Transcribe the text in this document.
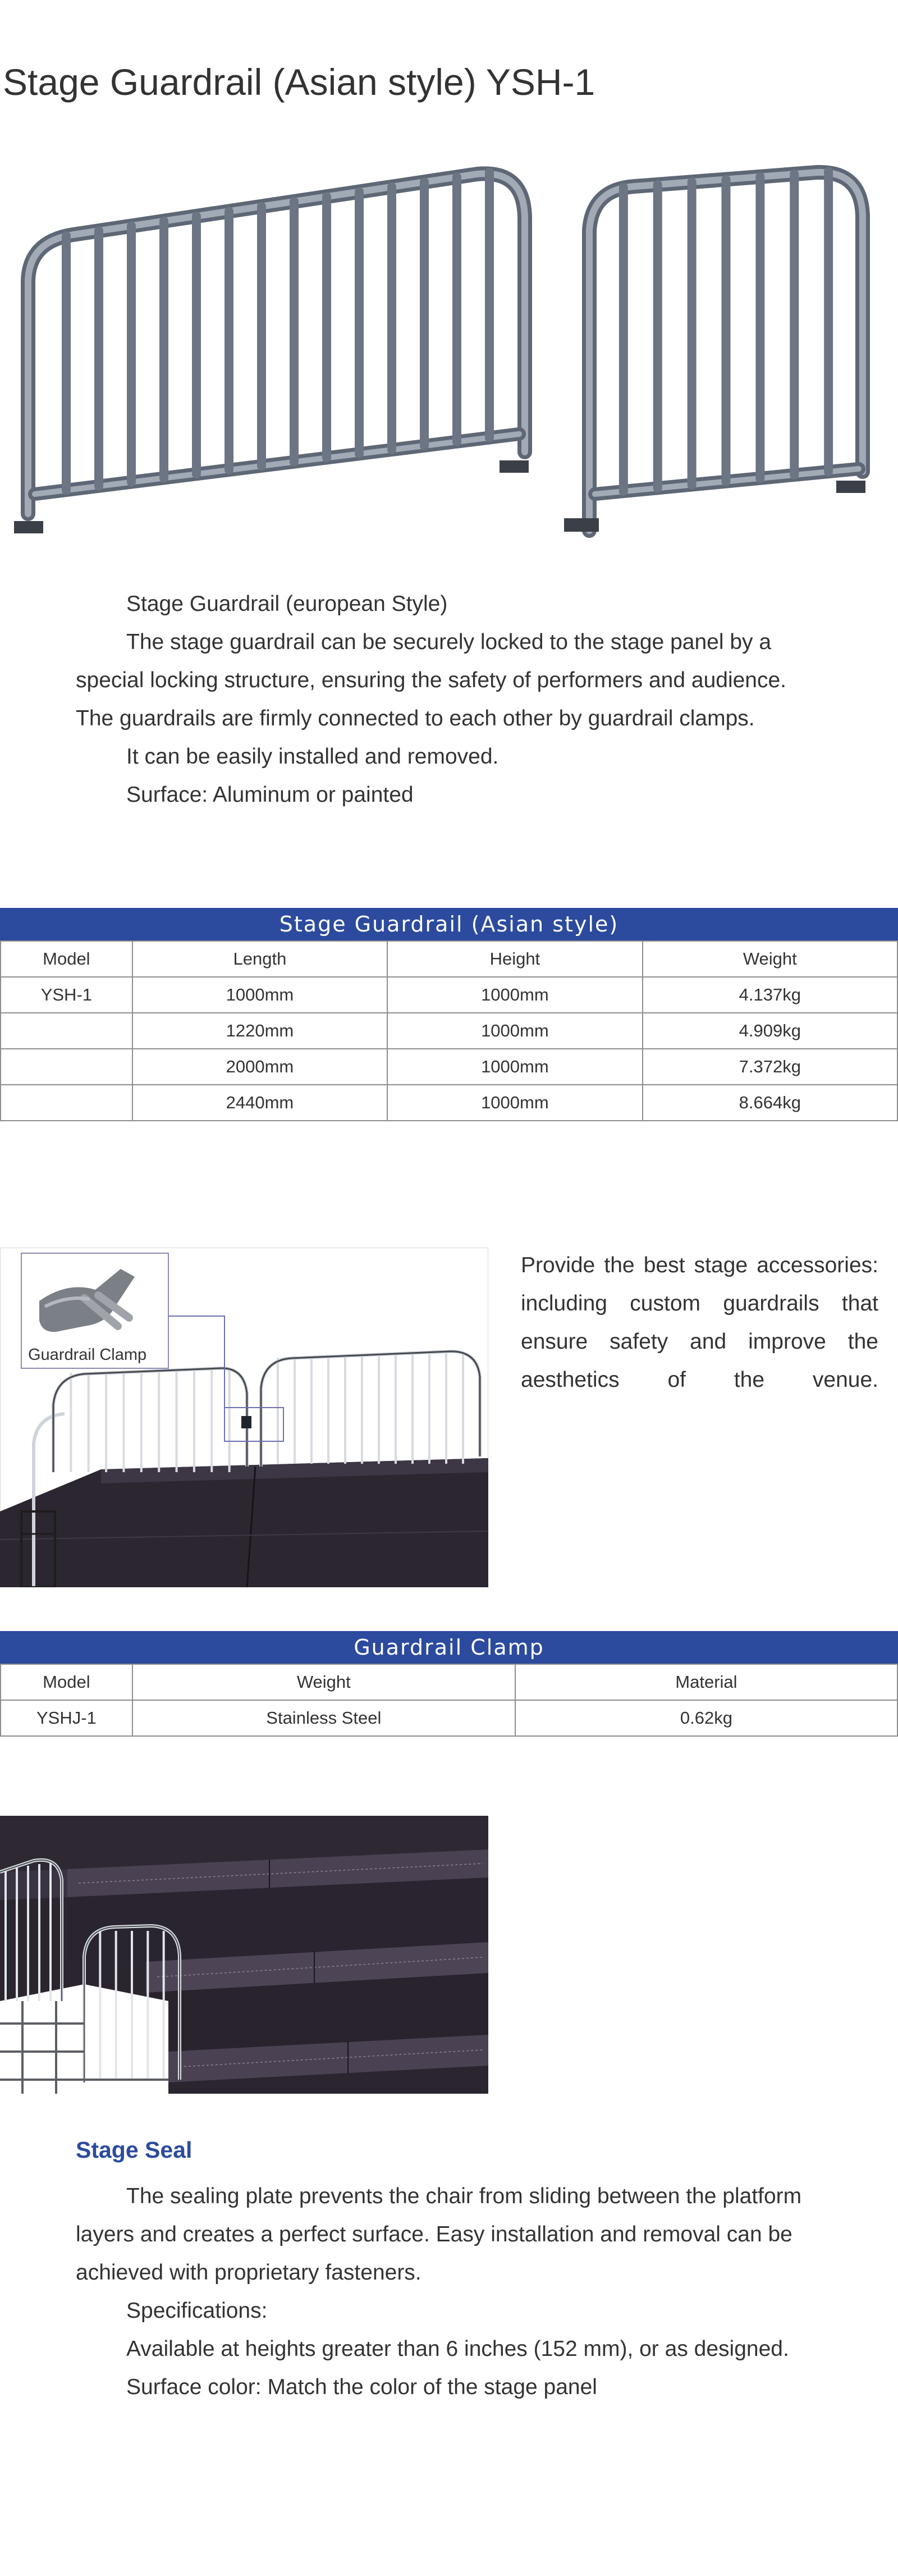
Stage Guardrail (Asian style) YSH-1

Stage Guardrail (european Style)

The stage guardrail can be securely locked to the stage panel by a special locking structure, ensuring the safety of performers and audience. The guardrails are firmly connected to each other by guardrail clamps.

It can be easily installed and removed.

Surface: Aluminum or painted

Stage Guardrail (Asian style)
Model	Length	Height	Weight
YSH-1	1000mm	1000mm	4.137kg
	1220mm	1000mm	4.909kg
	2000mm	1000mm	7.372kg
	2440mm	1000mm	8.664kg
Guardrail Clamp
Provide the best stage accessories: including custom guardrails that ensure safety and improve the aesthetics of the venue.
Guardrail Clamp
Model	Weight	Material
YSHJ-1	Stainless Steel	0.62kg
Stage Seal

The sealing plate prevents the chair from sliding between the platform layers and creates a perfect surface. Easy installation and removal can be achieved with proprietary fasteners.

Specifications:

Available at heights greater than 6 inches (152 mm), or as designed.

Surface color: Match the color of the stage panel
